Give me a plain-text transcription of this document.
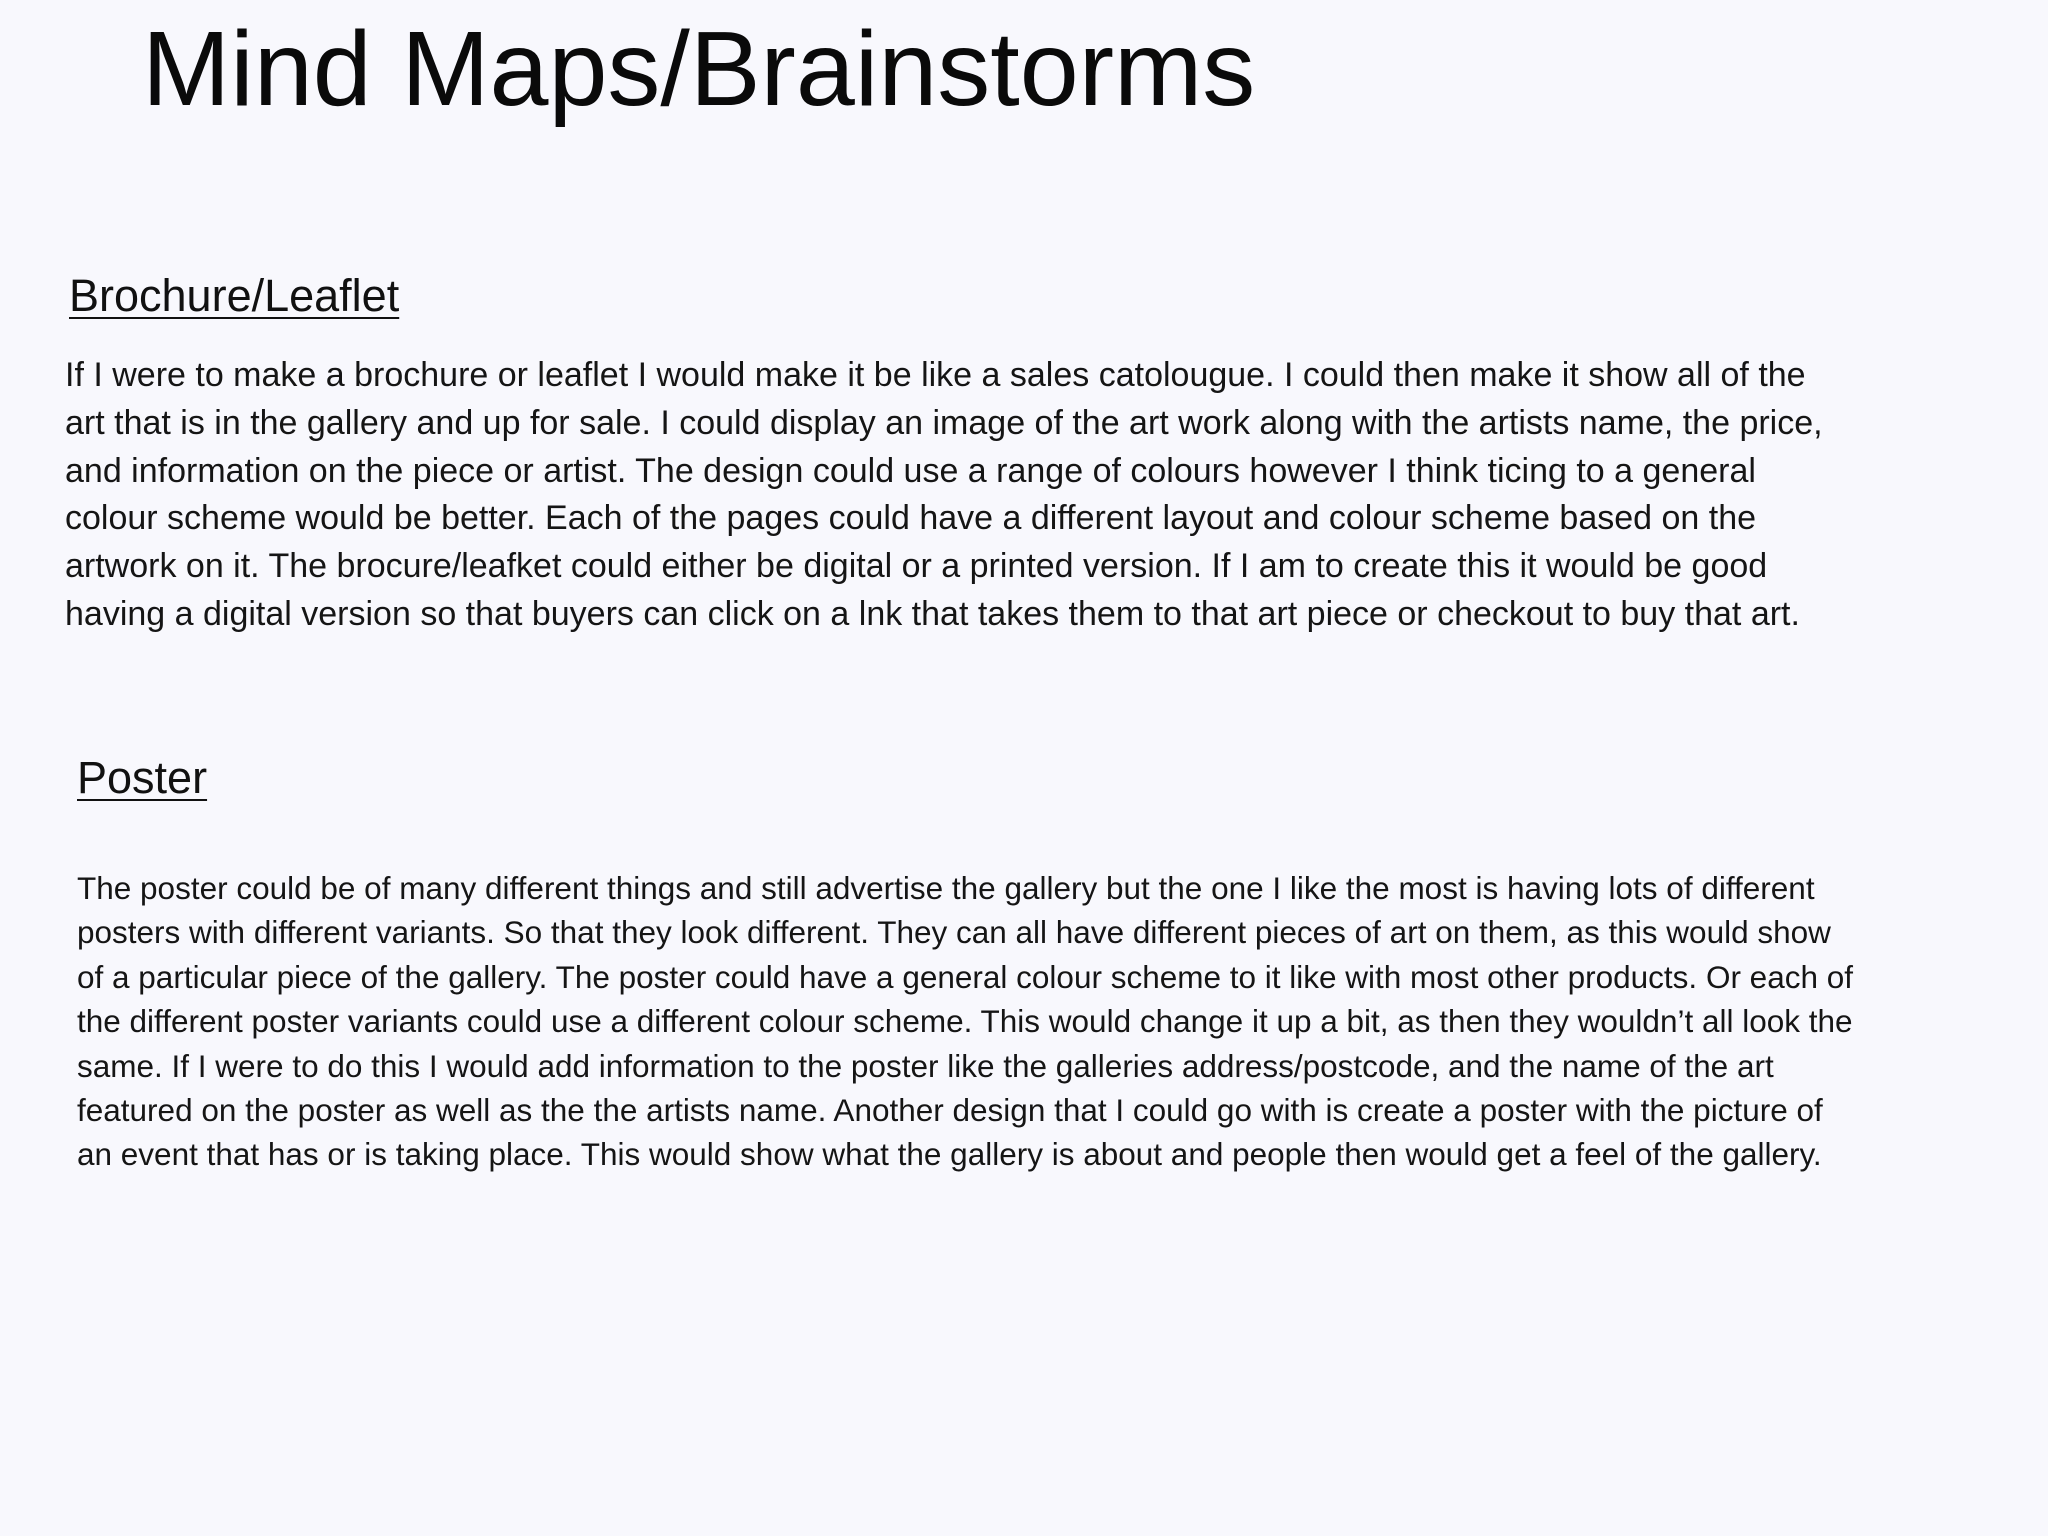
Mind Maps/Brainstorms
Brochure/Leaflet

If I were to make a brochure or leaflet I would make it be like a sales catolougue. I could then make it show all of the art that is in the gallery and up for sale. I could display an image of the art work along with the artists name, the price, and information on the piece or artist. The design could use a range of colours however I think ticing to a general colour scheme would be better. Each of the pages could have a different layout and colour scheme based on the artwork on it. The brocure/leafket could either be digital or a printed version. If I am to create this it would be good having a digital version so that buyers can click on a lnk that takes them to that art piece or checkout to buy that art.

Poster

The poster could be of many different things and still advertise the gallery but the one I like the most is having lots of different posters with different variants. So that they look different. They can all have different pieces of art on them, as this would show of a particular piece of the gallery. The poster could have a general colour scheme to it like with most other products. Or each of the different poster variants could use a different colour scheme. This would change it up a bit, as then they wouldn’t all look the same. If I were to do this I would add information to the poster like the galleries address/postcode, and the name of the art featured on the poster as well as the the artists name. Another design that I could go with is create a poster with the picture of an event that has or is taking place. This would show what the gallery is about and people then would get a feel of the gallery.
